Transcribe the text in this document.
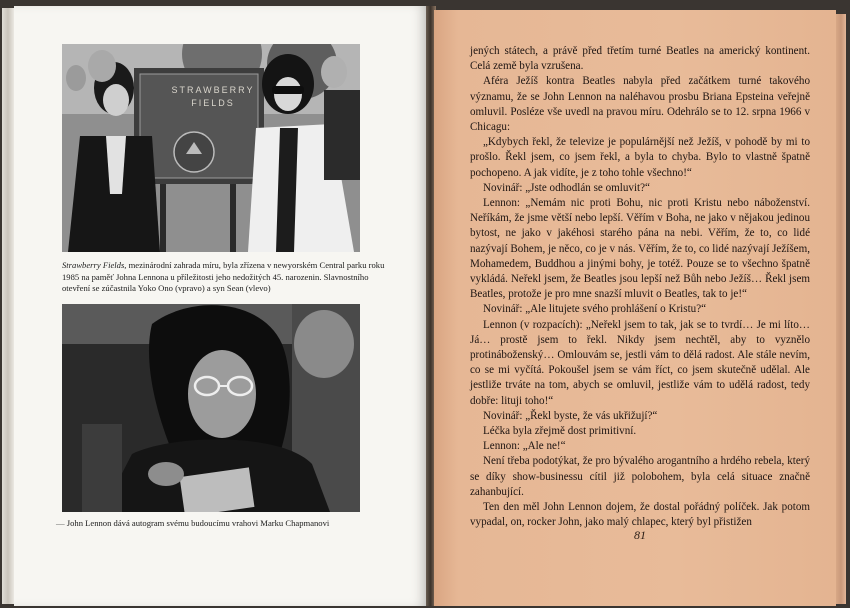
STRAWBERRY FIELDS
Strawberry Fields, mezinárodní zahrada míru, byla zřízena v newyorském Central parku roku 1985 na paměť Johna Lennona u příležitosti jeho nedožitých 45. narozenin. Slavnostního otevření se zúčastnila Yoko Ono (vpravo) a syn Sean (vlevo)
— John Lennon dává autogram svému budoucímu vrahovi Marku Chapmanovi

jených státech, a právě před třetím turné Beatles na americký kontinent. Celá země byla vzrušena.

Aféra Ježíš kontra Beatles nabyla před začátkem turné takového významu, že se John Lennon na naléhavou prosbu Briana Epsteina veřejně omluvil. Posléze vše uvedl na pravou míru. Odehrálo se to 12. srpna 1966 v Chicagu:

„Kdybych řekl, že televize je populárnější než Ježíš, v pohodě by mi to prošlo. Řekl jsem, co jsem řekl, a byla to chyba. Bylo to vlastně špatně pochopeno. A jak vidíte, je z toho tohle všechno!“

Novinář: „Jste odhodlán se omluvit?“

Lennon: „Nemám nic proti Bohu, nic proti Kristu nebo náboženství. Neříkám, že jsme větší nebo lepší. Věřím v Boha, ne jako v nějakou jedinou bytost, ne jako v jakéhosi starého pána na nebi. Věřím, že to, co lidé nazývají Bohem, je něco, co je v nás. Věřím, že to, co lidé nazývají Ježíšem, Mohamedem, Buddhou a jinými bohy, je totéž. Pouze se to všechno špatně vykládá. Neřekl jsem, že Beatles jsou lepší než Bůh nebo Ježíš… Řekl jsem Beatles, protože je pro mne snazší mluvit o Beatles, tak to je!“

Novinář: „Ale litujete svého prohlášení o Kristu?“

Lennon (v rozpacích): „Neřekl jsem to tak, jak se to tvrdí… Je mi líto… Já… prostě jsem to řekl. Nikdy jsem nechtěl, aby to vyznělo protináboženský… Omlouvám se, jestli vám to dělá radost. Ale stále nevím, co se mi vyčítá. Pokoušel jsem se vám říct, co jsem skutečně udělal. Ale jestliže trváte na tom, abych se omluvil, jestliže vám to udělá radost, tedy dobře: lituji toho!“

Novinář: „Řekl byste, že vás ukřižují?“

Léčka byla zřejmě dost primitivní.

Lennon: „Ale ne!“

Není třeba podotýkat, že pro bývalého arogantního a hrdého rebela, který se díky show-businessu cítil již polobohem, byla celá situace značně zahanbující.

Ten den měl John Lennon dojem, že dostal pořádný políček. Jak potom vypadal, on, rocker John, jako malý chlapec, který byl přistižen

81
